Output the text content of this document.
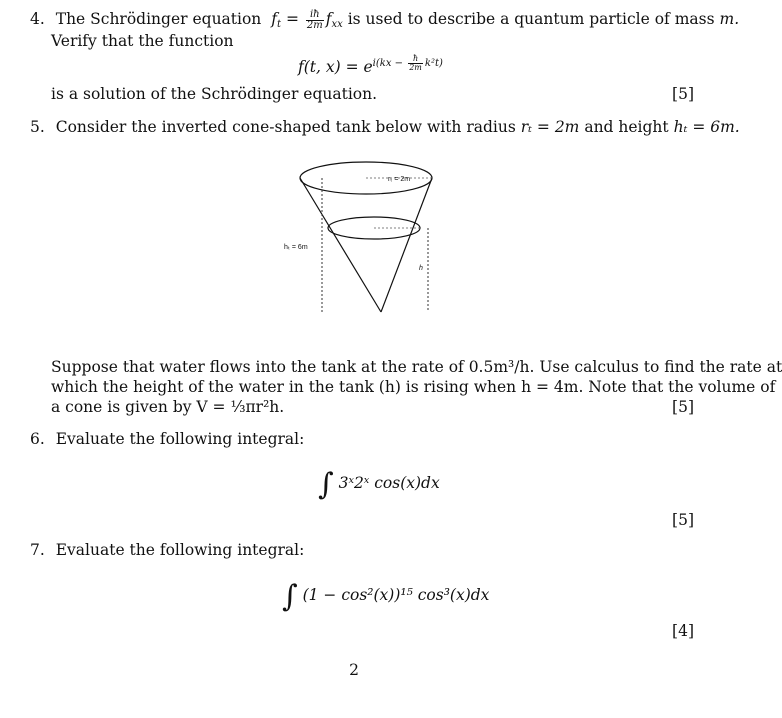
4. The Schrödinger equation $f_t = \frac{iħ}{2m} f_{xx}$ is used to describe a quantum particle of mass m.
Verify that the function
f(t, $x) = e^{i(kx - \frac{ħ}{2m} k^2t)}$
is a solution of the Schrödinger equation.	[5]
5. Consider the inverted cone-shaped tank below with radius rₜ = 2m and height hₜ = 6m.
rₜ = 2m
hₜ = 6m
h
Suppose that water flows into the tank at the rate of 0.5m³/h. Use calculus to find the rate at
which the height of the water in the tank (h) is rising when h = 4m. Note that the volume of
a cone is given by V = ⅓πr²h.	[5]
6. Evaluate the following integral:
∫ 3ˣ2ˣ cos(x)dx
[5]
7. Evaluate the following integral:
∫ (1 − cos²(x))¹⁵ cos³(x)dx
[4]
2
